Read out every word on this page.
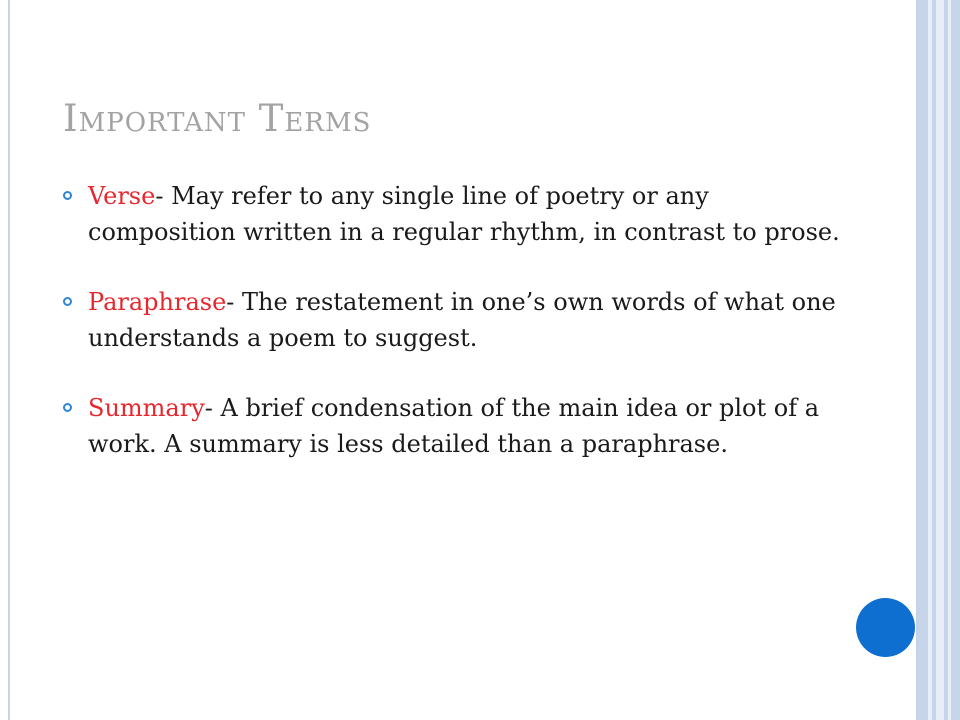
Important Terms
Verse- May refer to any single line of poetry or any composition written in a regular rhythm, in contrast to prose.
Paraphrase- The restatement in one’s own words of what one understands a poem to suggest.
Summary- A brief condensation of the main idea or plot of a work. A summary is less detailed than a paraphrase.
